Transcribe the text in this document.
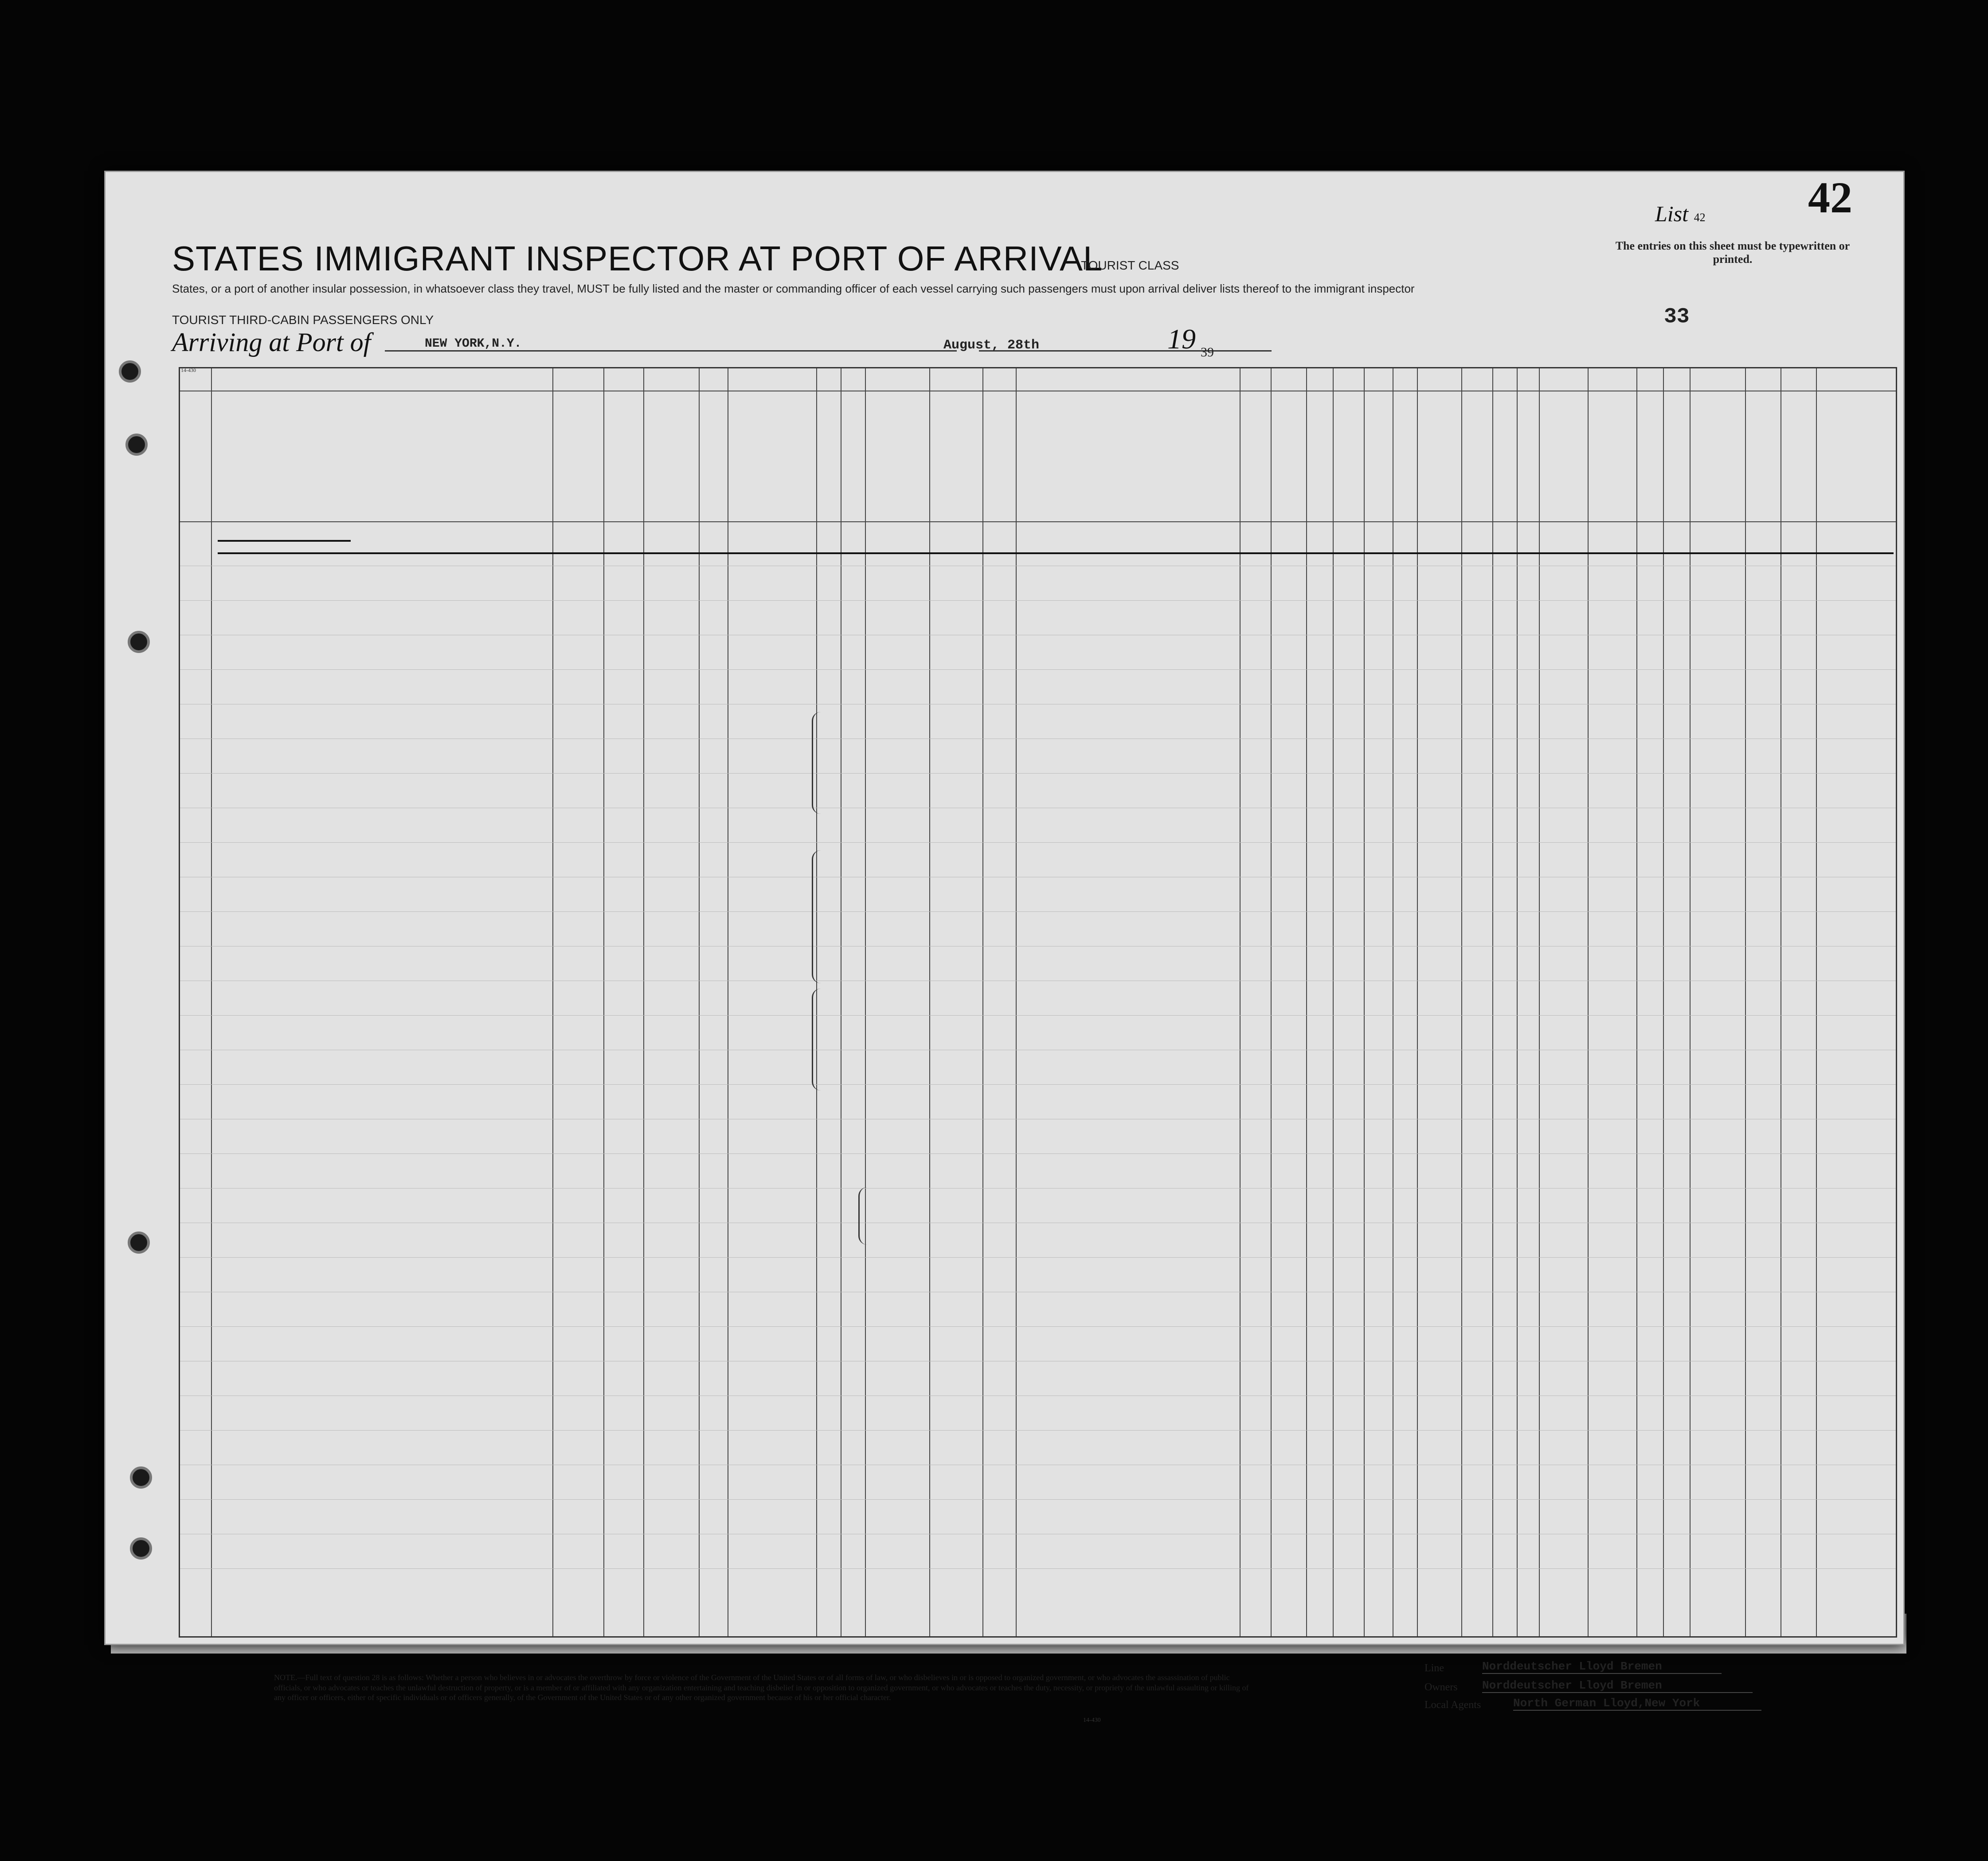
42
List 42
The entries on this sheet must be typewritten or printed.
33
STATES IMMIGRANT INSPECTOR AT PORT OF ARRIVAL
TOURIST CLASS
States, or a port of another insular possession, in whatsoever class they travel, MUST be fully listed and the master or commanding officer of each vessel carrying such passengers must upon arrival deliver lists thereof to the immigrant inspector
TOURIST THIRD-CABIN PASSENGERS ONLY
Arriving at Port of	NEW YORK,N.Y.	August, 28th	19 39
14-430
NOTE.—Full text of question 28 is as follows: Whether a person who believes in or advocates the overthrow by force or violence of the Government of the United States or of all forms of law, or who disbelieves in or is opposed to organized government, or who advocates the assassination of public officials, or who advocates or teaches the unlawful destruction of property, or is a member of or affiliated with any organization entertaining and teaching disbelief in or opposition to organized government, or who advocates or teaches the duty, necessity, or propriety of the unlawful assaulting or killing of any officer or officers, either of specific individuals or of officers generally, of the Government of the United States or of any other organized government because of his or her official character.
14-430
Line	Norddeutscher Lloyd Bremen
Owners Norddeutscher Lloyd Bremen
Local Agents	North German Lloyd,New York
